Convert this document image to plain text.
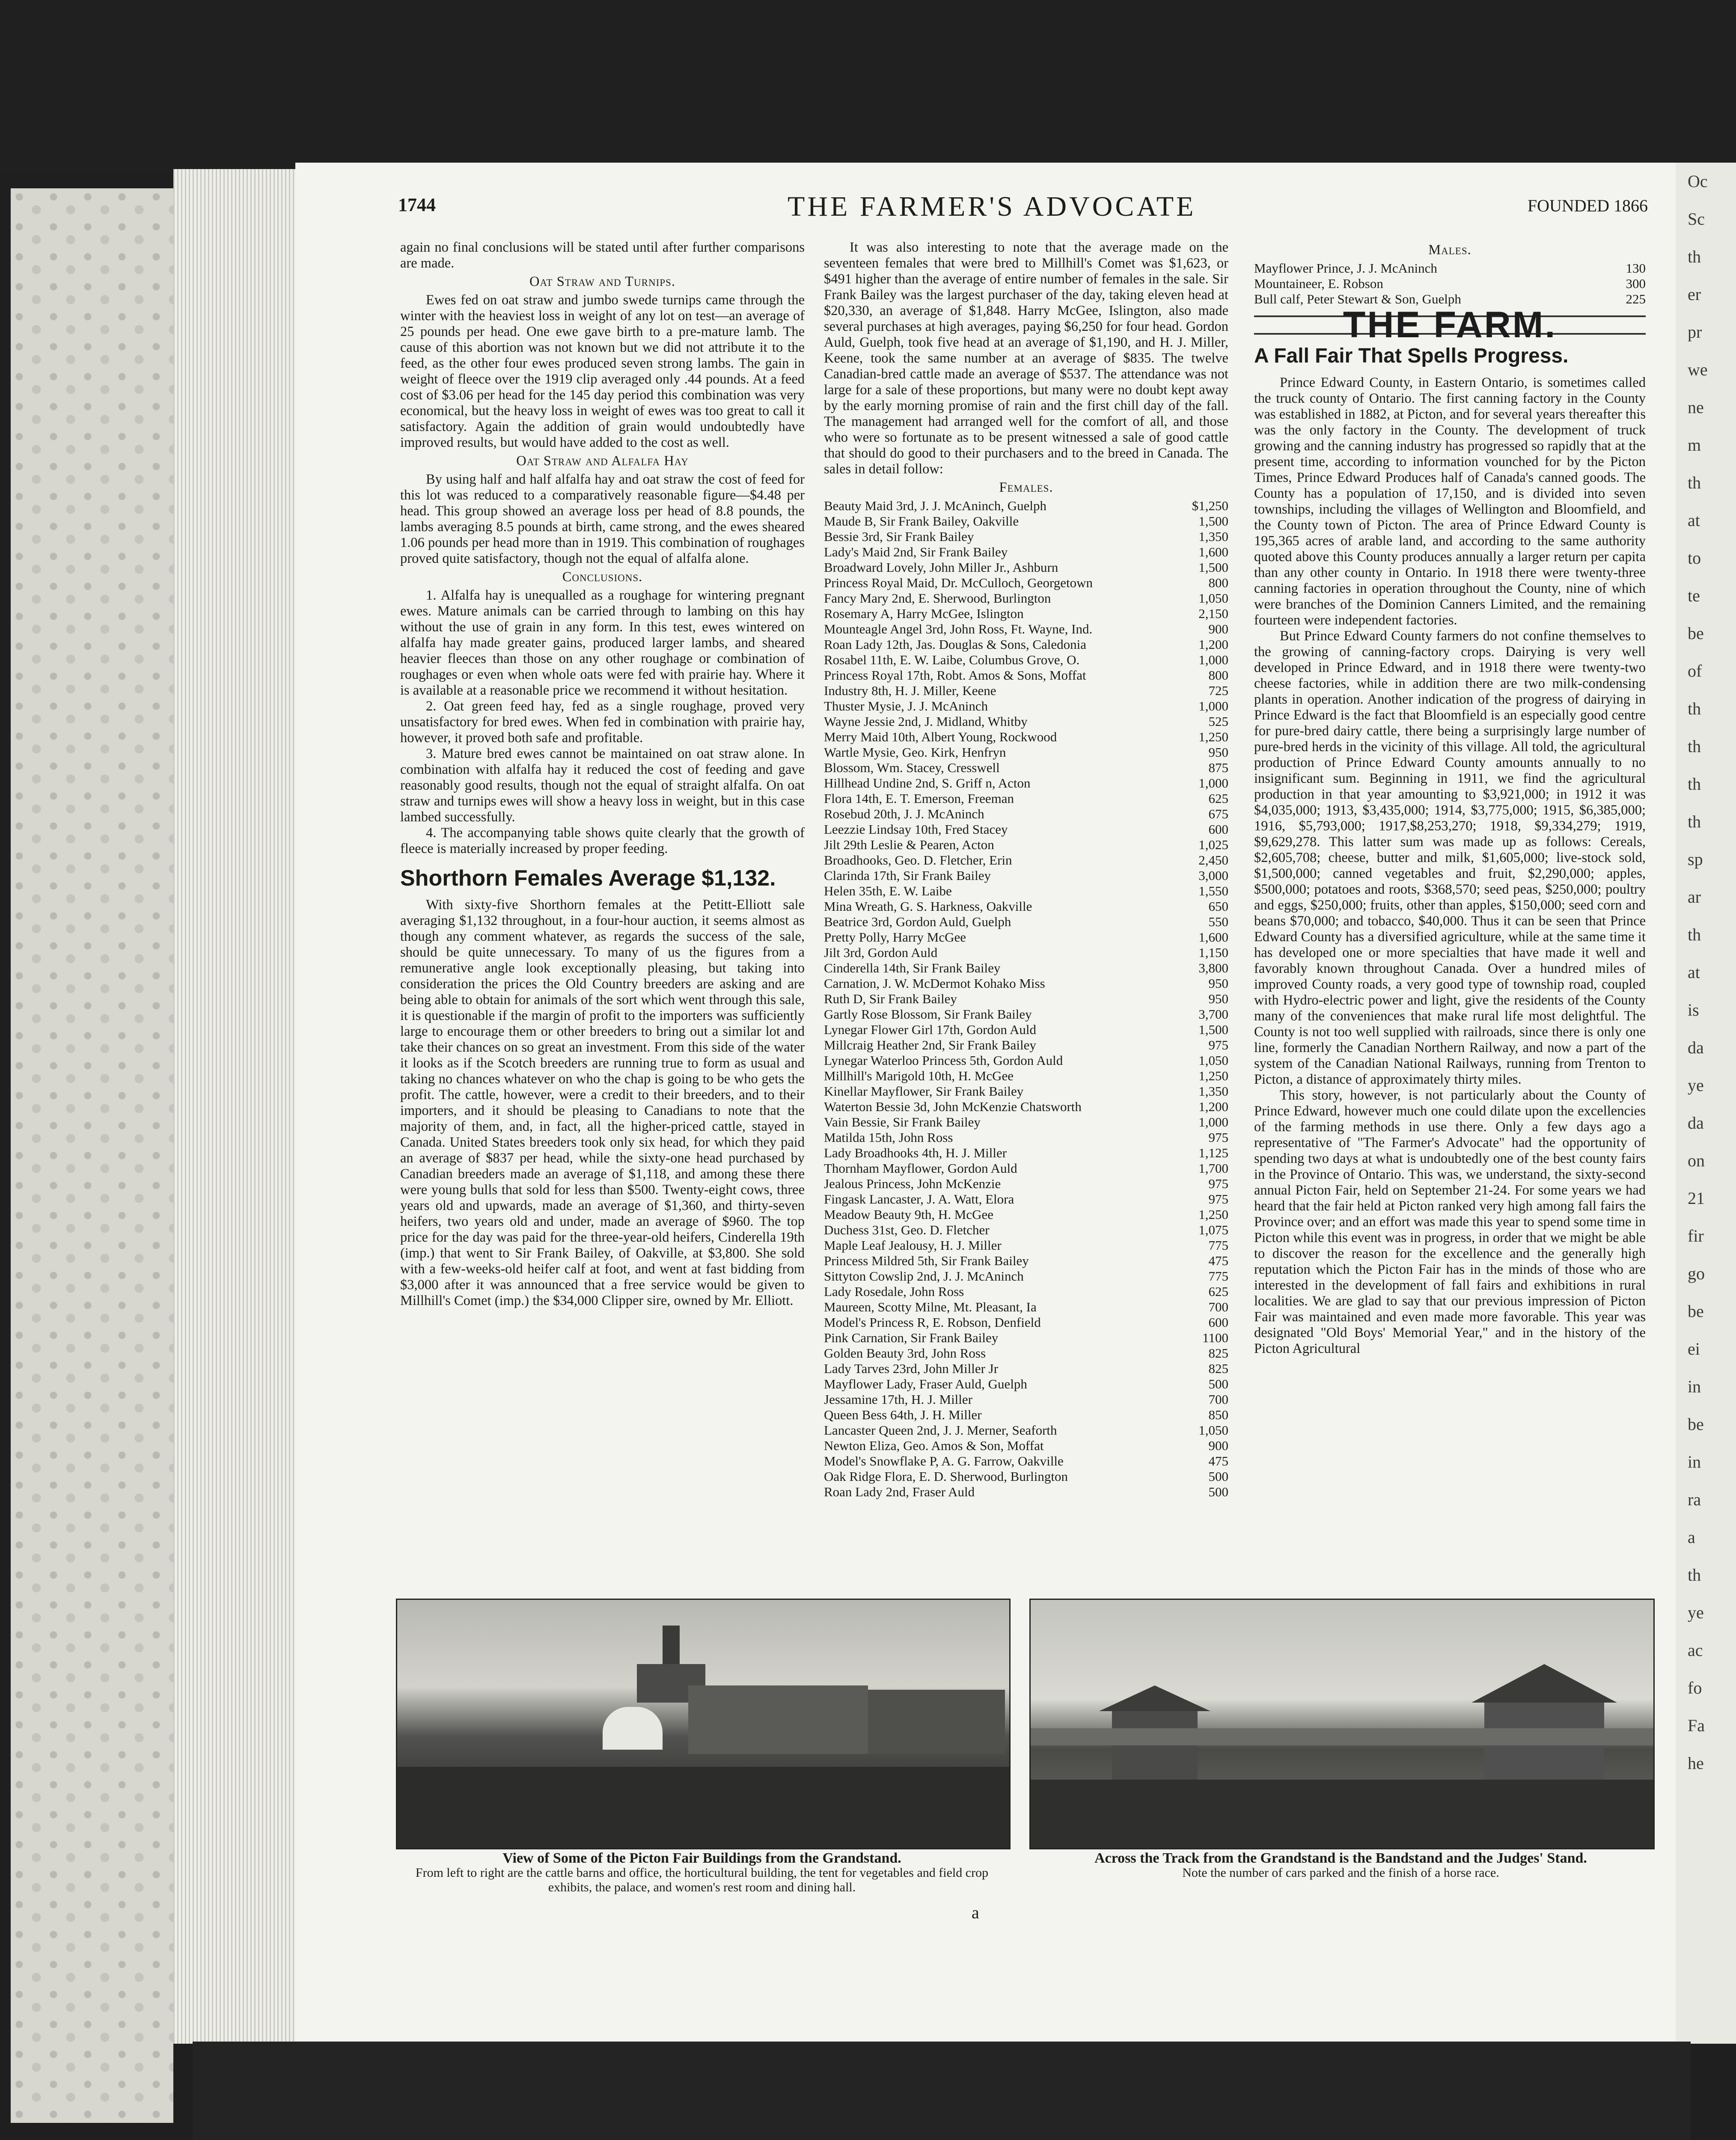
Oc
Sc
th
er
pr
we
ne
m
th
at
to
te
be
of
th
th
th
th
sp
ar
th
at
is
da
ye
da
on
21
fir
go
be
ei
in
be
in
ra
a
th
ye
ac
fo
Fa
he
1744	THE FARMER'S ADVOCATE	FOUNDED 1866

again no final conclusions will be stated until after further comparisons are made.

Oat Straw and Turnips.

Ewes fed on oat straw and jumbo swede turnips came through the winter with the heaviest loss in weight of any lot on test—an average of 25 pounds per head. One ewe gave birth to a pre-mature lamb. The cause of this abortion was not known but we did not attribute it to the feed, as the other four ewes produced seven strong lambs. The gain in weight of fleece over the 1919 clip averaged only .44 pounds. At a feed cost of $3.06 per head for the 145 day period this combination was very economical, but the heavy loss in weight of ewes was too great to call it satisfactory. Again the addition of grain would undoubtedly have improved results, but would have added to the cost as well.

Oat Straw and Alfalfa Hay

By using half and half alfalfa hay and oat straw the cost of feed for this lot was reduced to a comparatively reasonable figure—$4.48 per head. This group showed an average loss per head of 8.8 pounds, the lambs averaging 8.5 pounds at birth, came strong, and the ewes sheared 1.06 pounds per head more than in 1919. This combination of roughages proved quite satisfactory, though not the equal of alfalfa alone.

Conclusions.

1. Alfalfa hay is unequalled as a roughage for wintering pregnant ewes. Mature animals can be carried through to lambing on this hay without the use of grain in any form. In this test, ewes wintered on alfalfa hay made greater gains, produced larger lambs, and sheared heavier fleeces than those on any other roughage or combination of roughages or even when whole oats were fed with prairie hay. Where it is available at a reasonable price we recommend it without hesitation.

2. Oat green feed hay, fed as a single roughage, proved very unsatisfactory for bred ewes. When fed in combination with prairie hay, however, it proved both safe and profitable.

3. Mature bred ewes cannot be maintained on oat straw alone. In combination with alfalfa hay it reduced the cost of feeding and gave reasonably good results, though not the equal of straight alfalfa. On oat straw and turnips ewes will show a heavy loss in weight, but in this case lambed successfully.

4. The accompanying table shows quite clearly that the growth of fleece is materially increased by proper feeding.

Shorthorn Females Average $1,132.

With sixty-five Shorthorn females at the Petitt-Elliott sale averaging $1,132 throughout, in a four-hour auction, it seems almost as though any comment whatever, as regards the success of the sale, should be quite unnecessary. To many of us the figures from a remunerative angle look exceptionally pleasing, but taking into consideration the prices the Old Country breeders are asking and are being able to obtain for animals of the sort which went through this sale, it is questionable if the margin of profit to the importers was sufficiently large to encourage them or other breeders to bring out a similar lot and take their chances on so great an investment. From this side of the water it looks as if the Scotch breeders are running true to form as usual and taking no chances whatever on who the chap is going to be who gets the profit. The cattle, however, were a credit to their breeders, and to their importers, and it should be pleasing to Canadians to note that the majority of them, and, in fact, all the higher-priced cattle, stayed in Canada. United States breeders took only six head, for which they paid an average of $837 per head, while the sixty-one head purchased by Canadian breeders made an average of $1,118, and among these there were young bulls that sold for less than $500. Twenty-eight cows, three years old and upwards, made an average of $1,360, and thirty-seven heifers, two years old and under, made an average of $960. The top price for the day was paid for the three-year-old heifers, Cinderella 19th (imp.) that went to Sir Frank Bailey, of Oakville, at $3,800. She sold with a few-weeks-old heifer calf at foot, and went at fast bidding from $3,000 after it was announced that a free service would be given to Millhill's Comet (imp.) the $34,000 Clipper sire, owned by Mr. Elliott.

It was also interesting to note that the average made on the seventeen females that were bred to Millhill's Comet was $1,623, or $491 higher than the average of entire number of females in the sale. Sir Frank Bailey was the largest purchaser of the day, taking eleven head at $20,330, an average of $1,848. Harry McGee, Islington, also made several purchases at high averages, paying $6,250 for four head. Gordon Auld, Guelph, took five head at an average of $1,190, and H. J. Miller, Keene, took the same number at an average of $835. The twelve Canadian-bred cattle made an average of $537. The attendance was not large for a sale of these proportions, but many were no doubt kept away by the early morning promise of rain and the first chill day of the fall. The management had arranged well for the comfort of all, and those who were so fortunate as to be present witnessed a sale of good cattle that should do good to their purchasers and to the breed in Canada. The sales in detail follow:

Females.
Beauty Maid 3rd, J. J. McAninch, Guelph	$1,250
Maude B, Sir Frank Bailey, Oakville	1,500
Bessie 3rd, Sir Frank Bailey	1,350
Lady's Maid 2nd, Sir Frank Bailey	1,600
Broadward Lovely, John Miller Jr., Ashburn	1,500
Princess Royal Maid, Dr. McCulloch, Georgetown	800
Fancy Mary 2nd, E. Sherwood, Burlington	1,050
Rosemary A, Harry McGee, Islington	2,150
Mounteagle Angel 3rd, John Ross, Ft. Wayne, Ind.	900
Roan Lady 12th, Jas. Douglas & Sons, Caledonia	1,200
Rosabel 11th, E. W. Laibe, Columbus Grove, O.	1,000
Princess Royal 17th, Robt. Amos & Sons, Moffat	800
Industry 8th, H. J. Miller, Keene	725
Thuster Mysie, J. J. McAninch	1,000
Wayne Jessie 2nd, J. Midland, Whitby	525
Merry Maid 10th, Albert Young, Rockwood	1,250
Wartle Mysie, Geo. Kirk, Henfryn	950
Blossom, Wm. Stacey, Cresswell	875
Hillhead Undine 2nd, S. Griff n, Acton	1,000
Flora 14th, E. T. Emerson, Freeman	625
Rosebud 20th, J. J. McAninch	675
Leezzie Lindsay 10th, Fred Stacey	600
Jilt 29th Leslie & Pearen, Acton	1,025
Broadhooks, Geo. D. Fletcher, Erin	2,450
Clarinda 17th, Sir Frank Bailey	3,000
Helen 35th, E. W. Laibe	1,550
Mina Wreath, G. S. Harkness, Oakville	650
Beatrice 3rd, Gordon Auld, Guelph	550
Pretty Polly, Harry McGee	1,600
Jilt 3rd, Gordon Auld	1,150
Cinderella 14th, Sir Frank Bailey	3,800
Carnation, J. W. McDermot Kohako Miss	950
Ruth D, Sir Frank Bailey	950
Gartly Rose Blossom, Sir Frank Bailey	3,700
Lynegar Flower Girl 17th, Gordon Auld	1,500
Millcraig Heather 2nd, Sir Frank Bailey	975
Lynegar Waterloo Princess 5th, Gordon Auld	1,050
Millhill's Marigold 10th, H. McGee	1,250
Kinellar Mayflower, Sir Frank Bailey	1,350
Waterton Bessie 3d, John McKenzie Chatsworth	1,200
Vain Bessie, Sir Frank Bailey	1,000
Matilda 15th, John Ross	975
Lady Broadhooks 4th, H. J. Miller	1,125
Thornham Mayflower, Gordon Auld	1,700
Jealous Princess, John McKenzie	975
Fingask Lancaster, J. A. Watt, Elora	975
Meadow Beauty 9th, H. McGee	1,250
Duchess 31st, Geo. D. Fletcher	1,075
Maple Leaf Jealousy, H. J. Miller	775
Princess Mildred 5th, Sir Frank Bailey	475
Sittyton Cowslip 2nd, J. J. McAninch	775
Lady Rosedale, John Ross	625
Maureen, Scotty Milne, Mt. Pleasant, Ia	700
Model's Princess R, E. Robson, Denfield	600
Pink Carnation, Sir Frank Bailey	1100
Golden Beauty 3rd, John Ross	825
Lady Tarves 23rd, John Miller Jr	825
Mayflower Lady, Fraser Auld, Guelph	500
Jessamine 17th, H. J. Miller	700
Queen Bess 64th, J. H. Miller	850
Lancaster Queen 2nd, J. J. Merner, Seaforth	1,050
Newton Eliza, Geo. Amos & Son, Moffat	900
Model's Snowflake P, A. G. Farrow, Oakville	475
Oak Ridge Flora, E. D. Sherwood, Burlington	500
Roan Lady 2nd, Fraser Auld	500
Males.
Mayflower Prince, J. J. McAninch	130
Mountaineer, E. Robson	300
Bull calf, Peter Stewart & Son, Guelph	225
THE FARM.
A Fall Fair That Spells Progress.

Prince Edward County, in Eastern Ontario, is sometimes called the truck county of Ontario. The first canning factory in the County was established in 1882, at Picton, and for several years thereafter this was the only factory in the County. The development of truck growing and the canning industry has progressed so rapidly that at the present time, according to information vounched for by the Picton Times, Prince Edward Produces half of Canada's canned goods. The County has a population of 17,150, and is divided into seven townships, including the villages of Wellington and Bloomfield, and the County town of Picton. The area of Prince Edward County is 195,365 acres of arable land, and according to the same authority quoted above this County produces annually a larger return per capita than any other county in Ontario. In 1918 there were twenty-three canning factories in operation throughout the County, nine of which were branches of the Dominion Canners Limited, and the remaining fourteen were independent factories.

But Prince Edward County farmers do not confine themselves to the growing of canning-factory crops. Dairying is very well developed in Prince Edward, and in 1918 there were twenty-two cheese factories, while in addition there are two milk-condensing plants in operation. Another indication of the progress of dairying in Prince Edward is the fact that Bloomfield is an especially good centre for pure-bred dairy cattle, there being a surprisingly large number of pure-bred herds in the vicinity of this village. All told, the agricultural production of Prince Edward County amounts annually to no insignificant sum. Beginning in 1911, we find the agricultural production in that year amounting to $3,921,000; in 1912 it was $4,035,000; 1913, $3,435,000; 1914, $3,775,000; 1915, $6,385,000; 1916, $5,793,000; 1917,$8,253,270; 1918, $9,334,279; 1919, $9,629,278. This latter sum was made up as follows: Cereals, $2,605,708; cheese, butter and milk, $1,605,000; live-stock sold, $1,500,000; canned vegetables and fruit, $2,290,000; apples, $500,000; potatoes and roots, $368,570; seed peas, $250,000; poultry and eggs, $250,000; fruits, other than apples, $150,000; seed corn and beans $70,000; and tobacco, $40,000. Thus it can be seen that Prince Edward County has a diversified agriculture, while at the same time it has developed one or more specialties that have made it well and favorably known throughout Canada. Over a hundred miles of improved County roads, a very good type of township road, coupled with Hydro-electric power and light, give the residents of the County many of the conveniences that make rural life most delightful. The County is not too well supplied with railroads, since there is only one line, formerly the Canadian Northern Railway, and now a part of the system of the Canadian National Railways, running from Trenton to Picton, a distance of approximately thirty miles.

This story, however, is not particularly about the County of Prince Edward, however much one could dilate upon the excellencies of the farming methods in use there. Only a few days ago a representative of "The Farmer's Advocate" had the opportunity of spending two days at what is undoubtedly one of the best county fairs in the Province of Ontario. This was, we understand, the sixty-second annual Picton Fair, held on September 21-24. For some years we had heard that the fair held at Picton ranked very high among fall fairs the Province over; and an effort was made this year to spend some time in Picton while this event was in progress, in order that we might be able to discover the reason for the excellence and the generally high reputation which the Picton Fair has in the minds of those who are interested in the development of fall fairs and exhibitions in rural localities. We are glad to say that our previous impression of Picton Fair was maintained and even made more favorable. This year was designated "Old Boys' Memorial Year," and in the history of the Picton Agricultural

View of Some of the Picton Fair Buildings from the Grandstand.
From left to right are the cattle barns and office, the horticultural building, the tent for vegetables and field crop exhibits, the palace, and women's rest room and dining hall.
Across the Track from the Grandstand is the Bandstand and the Judges' Stand.
Note the number of cars parked and the finish of a horse race.
a
